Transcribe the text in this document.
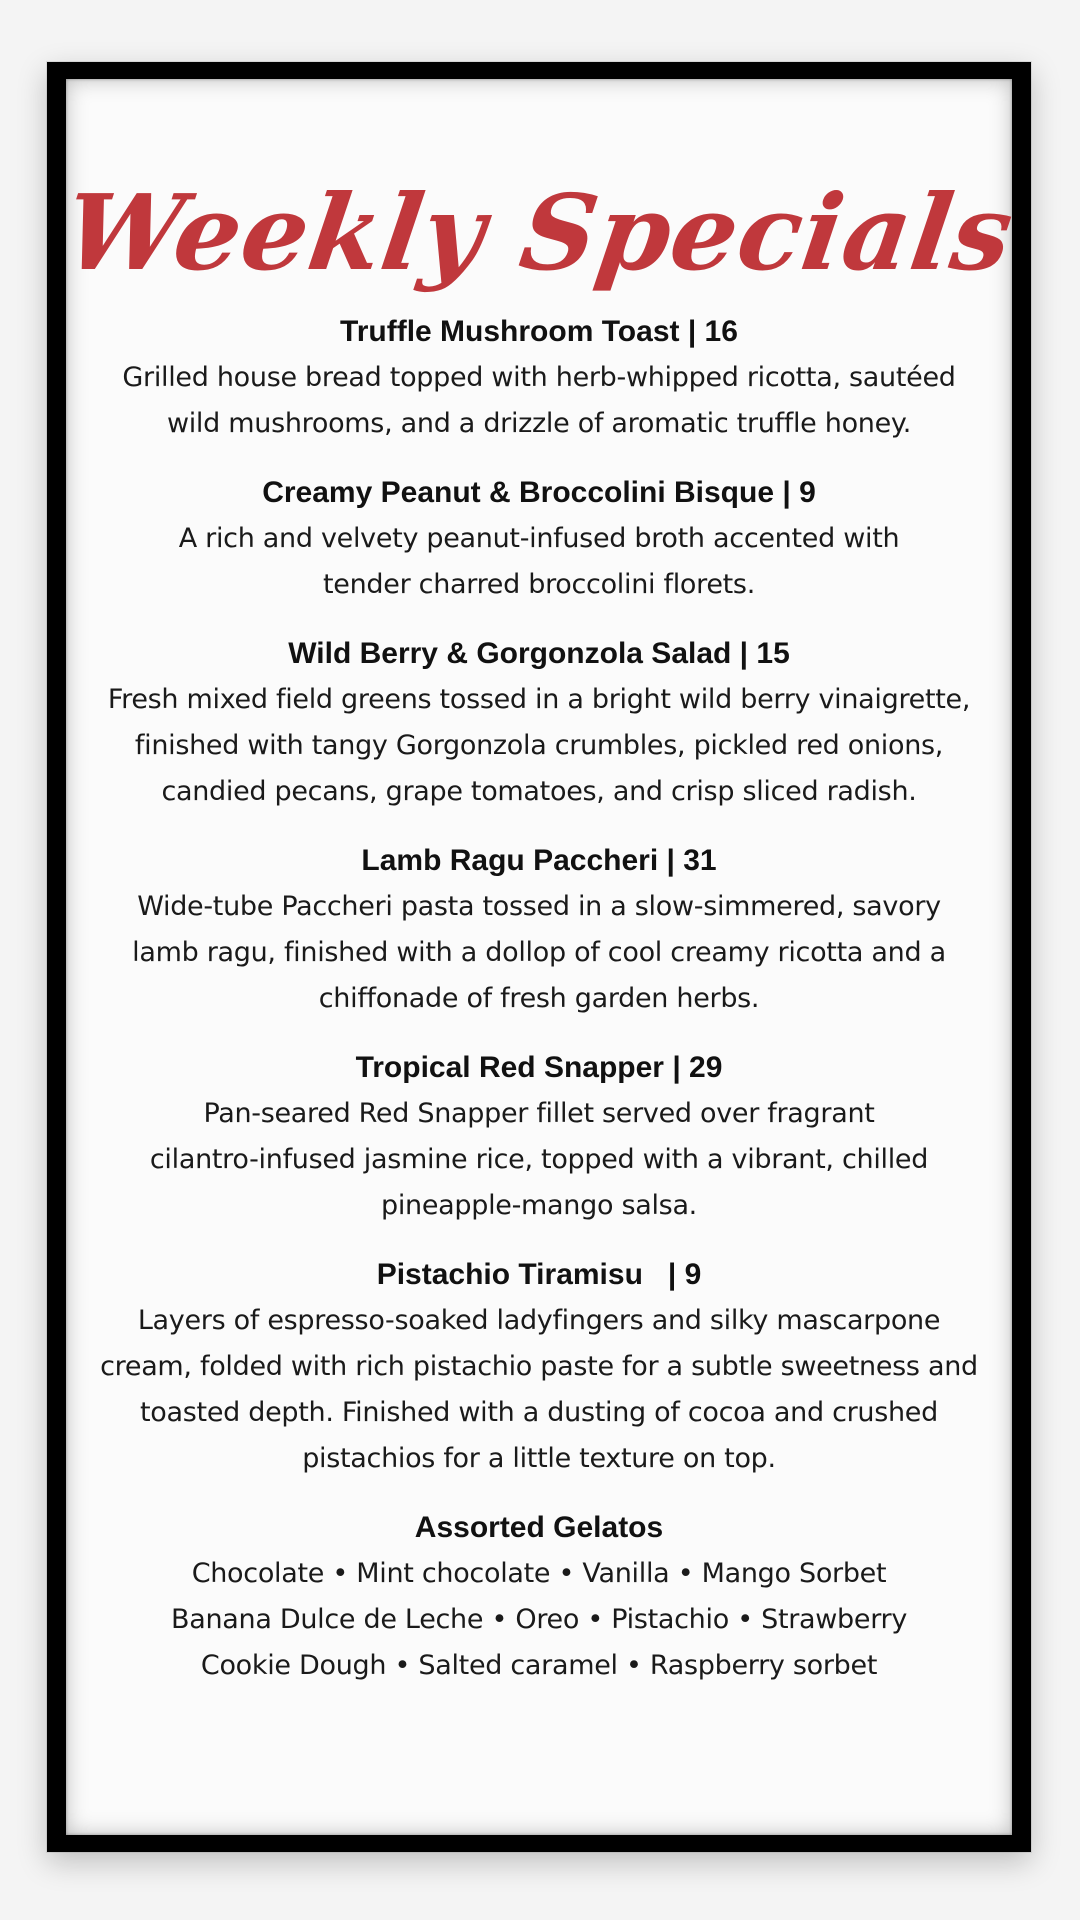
Weekly Specials
Truffle Mushroom Toast | 16
Grilled house bread topped with herb-whipped ricotta, sautéed
wild mushrooms, and a drizzle of aromatic truffle honey.
Creamy Peanut & Broccolini Bisque | 9
A rich and velvety peanut-infused broth accented with
tender charred broccolini florets.
Wild Berry & Gorgonzola Salad | 15
Fresh mixed field greens tossed in a bright wild berry vinaigrette,
finished with tangy Gorgonzola crumbles, pickled red onions,
candied pecans, grape tomatoes, and crisp sliced radish.
Lamb Ragu Paccheri | 31
Wide-tube Paccheri pasta tossed in a slow-simmered, savory
lamb ragu, finished with a dollop of cool creamy ricotta and a
chiffonade of fresh garden herbs.
Tropical Red Snapper | 29
Pan-seared Red Snapper fillet served over fragrant
cilantro-infused jasmine rice, topped with a vibrant, chilled
pineapple-mango salsa.
Pistachio Tiramisu   | 9
Layers of espresso-soaked ladyfingers and silky mascarpone
cream, folded with rich pistachio paste for a subtle sweetness and
toasted depth. Finished with a dusting of cocoa and crushed
pistachios for a little texture on top.
Assorted Gelatos
Chocolate • Mint chocolate • Vanilla • Mango Sorbet
Banana Dulce de Leche • Oreo • Pistachio • Strawberry
Cookie Dough • Salted caramel • Raspberry sorbet
